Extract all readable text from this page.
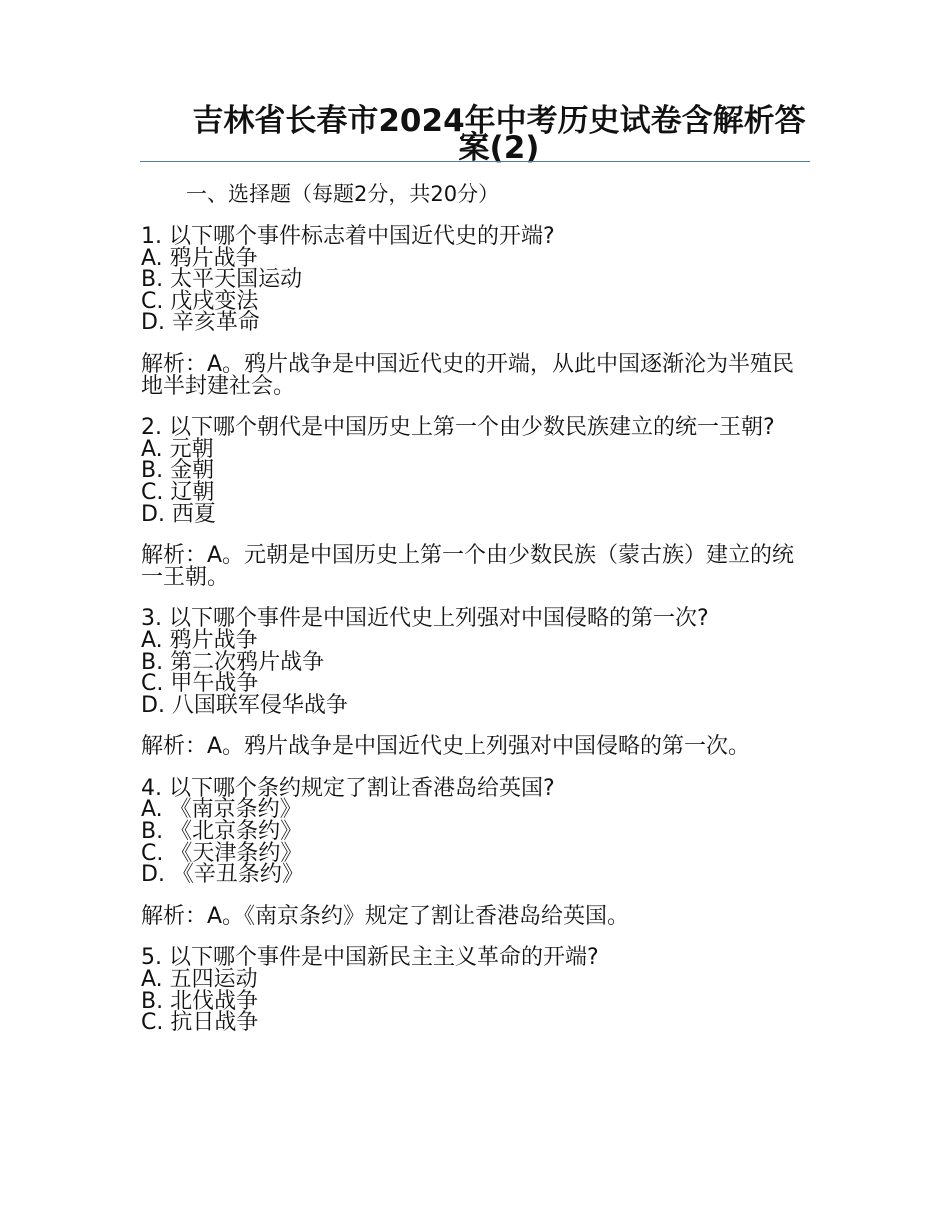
吉林省长春市2024年中考历史试卷含解析答案(2)
一、选择题（每题2分，共20分）

1. 以下哪个事件标志着中国近代史的开端?

A. 鸦片战争

B. 太平天国运动

C. 戊戌变法

D. 辛亥革命

解析：A。鸦片战争是中国近代史的开端，从此中国逐渐沦为半殖民地半封建社会。

2. 以下哪个朝代是中国历史上第一个由少数民族建立的统一王朝?

A. 元朝

B. 金朝

C. 辽朝

D. 西夏

解析：A。元朝是中国历史上第一个由少数民族（蒙古族）建立的统一王朝。

3. 以下哪个事件是中国近代史上列强对中国侵略的第一次?

A. 鸦片战争

B. 第二次鸦片战争

C. 甲午战争

D. 八国联军侵华战争

解析：A。鸦片战争是中国近代史上列强对中国侵略的第一次。

4. 以下哪个条约规定了割让香港岛给英国?

A. 《南京条约》

B. 《北京条约》

C. 《天津条约》

D. 《辛丑条约》

解析：A。《南京条约》规定了割让香港岛给英国。

5. 以下哪个事件是中国新民主主义革命的开端?

A. 五四运动

B. 北伐战争

C. 抗日战争
